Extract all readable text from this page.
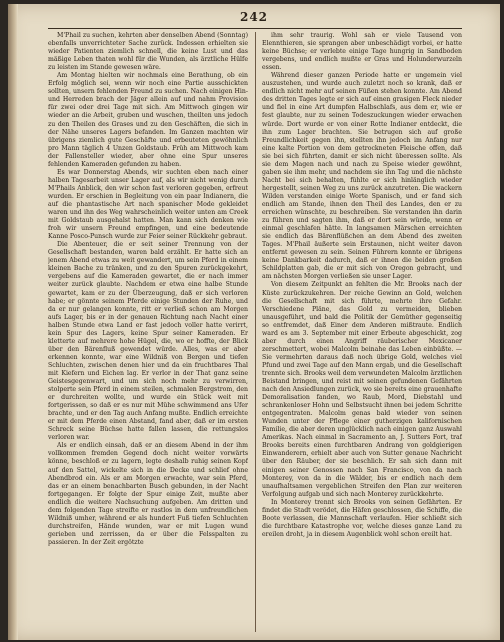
242

M'Phail zu suchen, kehrten aber denselben Abend (Sonntag) ebenfalls unverrichteter Sache zurück. Indessen erhielten sie wieder Patienten ziemlich schnell, die keine Lust und das mäßige Leben thaten wohl für die Wunden, als ärztliche Hülfe zu leisten im Stande gewesen wäre.

Am Montag hielten wir nochmals eine Berathung, ob ein Erfolg möglich sei, wenn wir noch eine Partie ausschickten sollten, unsern fehlenden Freund zu suchen. Nach einigen Hin- und Herreden brach der Jäger allein auf und nahm Provision für zwei oder drei Tage mit sich. Am Mittwoch gingen wir wieder an die Arbeit, gruben und wuschen, theilten uns jedoch zu den Theilen des Grases und zu den Geschäften, die sich in der Nähe unseres Lagers befanden. Im Ganzen machten wir übrigens ziemlich gute Geschäfte und erbeuteten gewöhnlich pro Mann täglich 4 Unzen Goldstaub. Früh am Mittwoch kam der Fallensteller wieder, aber ohne eine Spur unseres fehlenden Kameraden gefunden zu haben.

Es war Donnerstag Abends, wir suchten eben nach einer halben Tagesarbeit unser Lager auf, als wir nicht wenig durch M'Phails Anblick, den wir schon fast verloren gegeben, erfreut wurden. Er erschien in Begleitung von ein paar Indianern, die auf die phantastische Art nach spanischer Mode gekleidet waren und ihn des Weg wahrscheinlich weiter unten am Creek mit Goldstaub ausgehalst hatten. Man kann sich denken wie froh wir unsern Freund empfingen, und eine bedeutende Kanne Posco-Punsch wurde zur Feier seiner Rückkehr gebraut.

Die Abenteuer, die er seit seiner Trennung von der Gesellschaft bestanden, waren bald erzählt. Er hatte sich an jenem Abend etwas zu weit gewandert, um sein Pferd in einem kleinen Bache zu tränken, und zu den Spuren zurückgekehrt, vergebens auf die Kameraden gewartet, die er nach immer weiter zurück glaubte. Nachdem er etwa eine halbe Stunde gewartet, kam er zu der Überzeugung, daß er sich verloren habe; er gönnte seinem Pferde einige Stunden der Ruhe, und da er nur gelangen konnte, ritt er verließ schon am Morgen aufs Lager, bis er in der genauen Richtung nach Nacht einer halben Stunde etwa Land er fast jedoch voller hatte verirrt, kein Spur des Lagers, keine Spur seiner Kameraden. Er kletterte auf mehrere hohe Hügel, die, wo er hoffte, der Blick über den Bärenfluß gewendet würde. Alles, was er aber erkennen konnte, war eine Wildniß von Bergen und tiefen Schluchten, zwischen denen hier und da ein fruchtbares Thal mit Kiefern und Eichen lag. Er verlor in der That ganz seine Geistesgegenwart, und um sich noch mehr zu verwirren, stolperte sein Pferd in einem steilen, schmalen Bergstrom, den er durchreiten wollte, und wurde ein Stück weit mit fortgerissen, so daß er es nur mit Mühe schwimmend ans Ufer brachte, und er den Tag auch Anfang mußte. Endlich erreichte er mit dem Pferde einen Abstand, fand aber, daß er im ersten Schreck seine Büchse hatte fallen lassen, die rettungslos verloren war.

Als er endlich einsah, daß er an diesem Abend in der ihm vollkommen fremden Gegend doch nicht weiter vorwärts könne, beschloß er zu lagern, legte deshalb ruhig seinen Kopf auf den Sattel, wickelte sich in die Decke und schlief ohne Abendbrod ein. Als er am Morgen erwachte, war sein Pferd, das er an einem benachbarten Busch gebunden, in der Nacht fortgegangen. Er folgte der Spur einige Zeit, mußte aber endlich die weitere Nachsuchung aufgeben. Am dritten und dem folgenden Tage streifte er rastlos in dem unfreundlichen Wildniß umher, während er als hundert Fuß tiefen Schluchten durchstreifen, Hände wunden, war er mit Lugen wund gerieben und zerrissen, da er über die Felsspalten zu passieren. In der Zeit ergötzte

ihm sehr traurig. Wohl sah er viele Tausend von Elennthieren, sie sprangen aber unbeschädigt vorbei, er hatte keine Büchse; er verlebte einige Tage hungrig in Sandboden vergebens, und endlich mußte er Gras und Holunderwurzeln essen.

Während dieser ganzen Periode hatte er ungemein viel auszustehen, und wurde auch zuletzt noch so krank, daß er endlich nicht mehr auf seinen Füßen stehen konnte. Am Abend des dritten Tages legte er sich auf einen grasigen Fleck nieder und fiel in eine Art dumpfen Halbschlafs, aus dem er, wie er fest glaubte, nur zu seinen Todeszuckungen wieder erwachen würde. Dort wurde er von einer Rotte Indianer entdeckt, die ihn zum Lager brachten. Sie betrugen sich auf große Freundlichkeit gegen ihn, stellten ihn jedoch im Anfang nur eine kalte Portion von dem getrockneten Fleische offen, daß sie bei sich führten, damit er sich nicht überessen sollte. Als sie dem Magen nach und nach zu Speise wieder gewöhnt, gaben sie ihm mehr, und nachdem sie ihn Tag und die nächste Nacht bei sich behalten, fühlte er sich hinlänglich wieder hergestellt, seinen Weg zu uns zurück anzutreten. Die wackern Wilden verstanden einige Worte Spanisch, und er fand sich endlich am Stande, ihnen den Theil des Landes, den er zu erreichen wünschte, zu beschreiben. Sie verstanden ihn darin zu führen und sagten ihm, daß er dort sein würde, wenn er einmal geschlafen hätte. In langsamen Märschen erreichten sie endlich das Bärenflüßchen an dem Abend des zweiten Tages. M'Phail äußerte sein Erstaunen, nicht weiter davon entfernt gewesen zu sein. Seinen Führern konnte er übrigens keine Dankbarkeit dadurch, daß er ihnen die beiden großen Schildplatten gab, die er mit sich von Oregon gebracht, und am nächsten Morgen verließen sie unser Lager.

Von diesem Zeitpunkt an fehlten die Mr. Brooks nach der Küste zurückzukehren. Der reiche Gewinn an Gold, welchen die Gesellschaft mit sich führte, mehrte ihre Gefahr. Verschiedene Pläne, das Gold zu vermeiden, blieben unausgeführt, und bald die Politik der Gemüther gegenseitig so entfremdet, daß Einer dem Anderen mißtraute. Endlich ward es am 3. September mit einer Erbeute abgeschickt, zog aber durch einen Angriff räuberischer Mexicaner zerschmettert, wobei Malcolm beinahe das Leben einbüßte. — Sie vermehrten daraus daß noch übrige Gold, welches viel Pfund und zwei Tage auf den Mann ergab, und die Gesellschaft trennte sich. Brooks weil dem verwundeten Malcolm ärztlichen Beistand bringen, und reist mit seinen gefundenen Gefährten nach den Ansiedlungen zurück, wo sie bereits eine grauenhafte Demoralisation fanden, wo Raub, Mord, Diebstahl und schrankenloser Hohn und Selbstsucht ihnen bei jedem Schritte entgegentraten. Malcolm genas bald wieder von seinen Wunden unter der Pflege einer gutherzigen kalifornischen Familie, die aber deren unglücklich nach einigen ganz Auswahl Amerikas. Nach einmal in Sacramento an, J. Sutters Fort, traf Brooks bereits einen furchtbaren Andrang von goldgierigen Einwanderern, erhielt aber auch von Sutter genaue Nachricht über den Räuber, der sie beschlich. Er sah sich dann mit einigen seiner Genossen nach San Francisco, von da nach Monterey, von da in die Wälder, bis er endlich nach dem unaufhaltsamen vergeblichen Streifen den Plan zur weiteren Verfolgung aufgab und sich nach Monterey zurückkehrte.

In Monterey trennt sich Brooks von seinen Gefährten. Er findet die Stadt verödet, die Häfen geschlossen, die Schiffe, die Boote verlassen, die Mannschaft verlaufen. Hier schließt sich die furchtbare Katastrophe vor, welche dieses ganze Land zu ereilen droht, ja in diesem Augenblick wohl schon ereilt hat.
